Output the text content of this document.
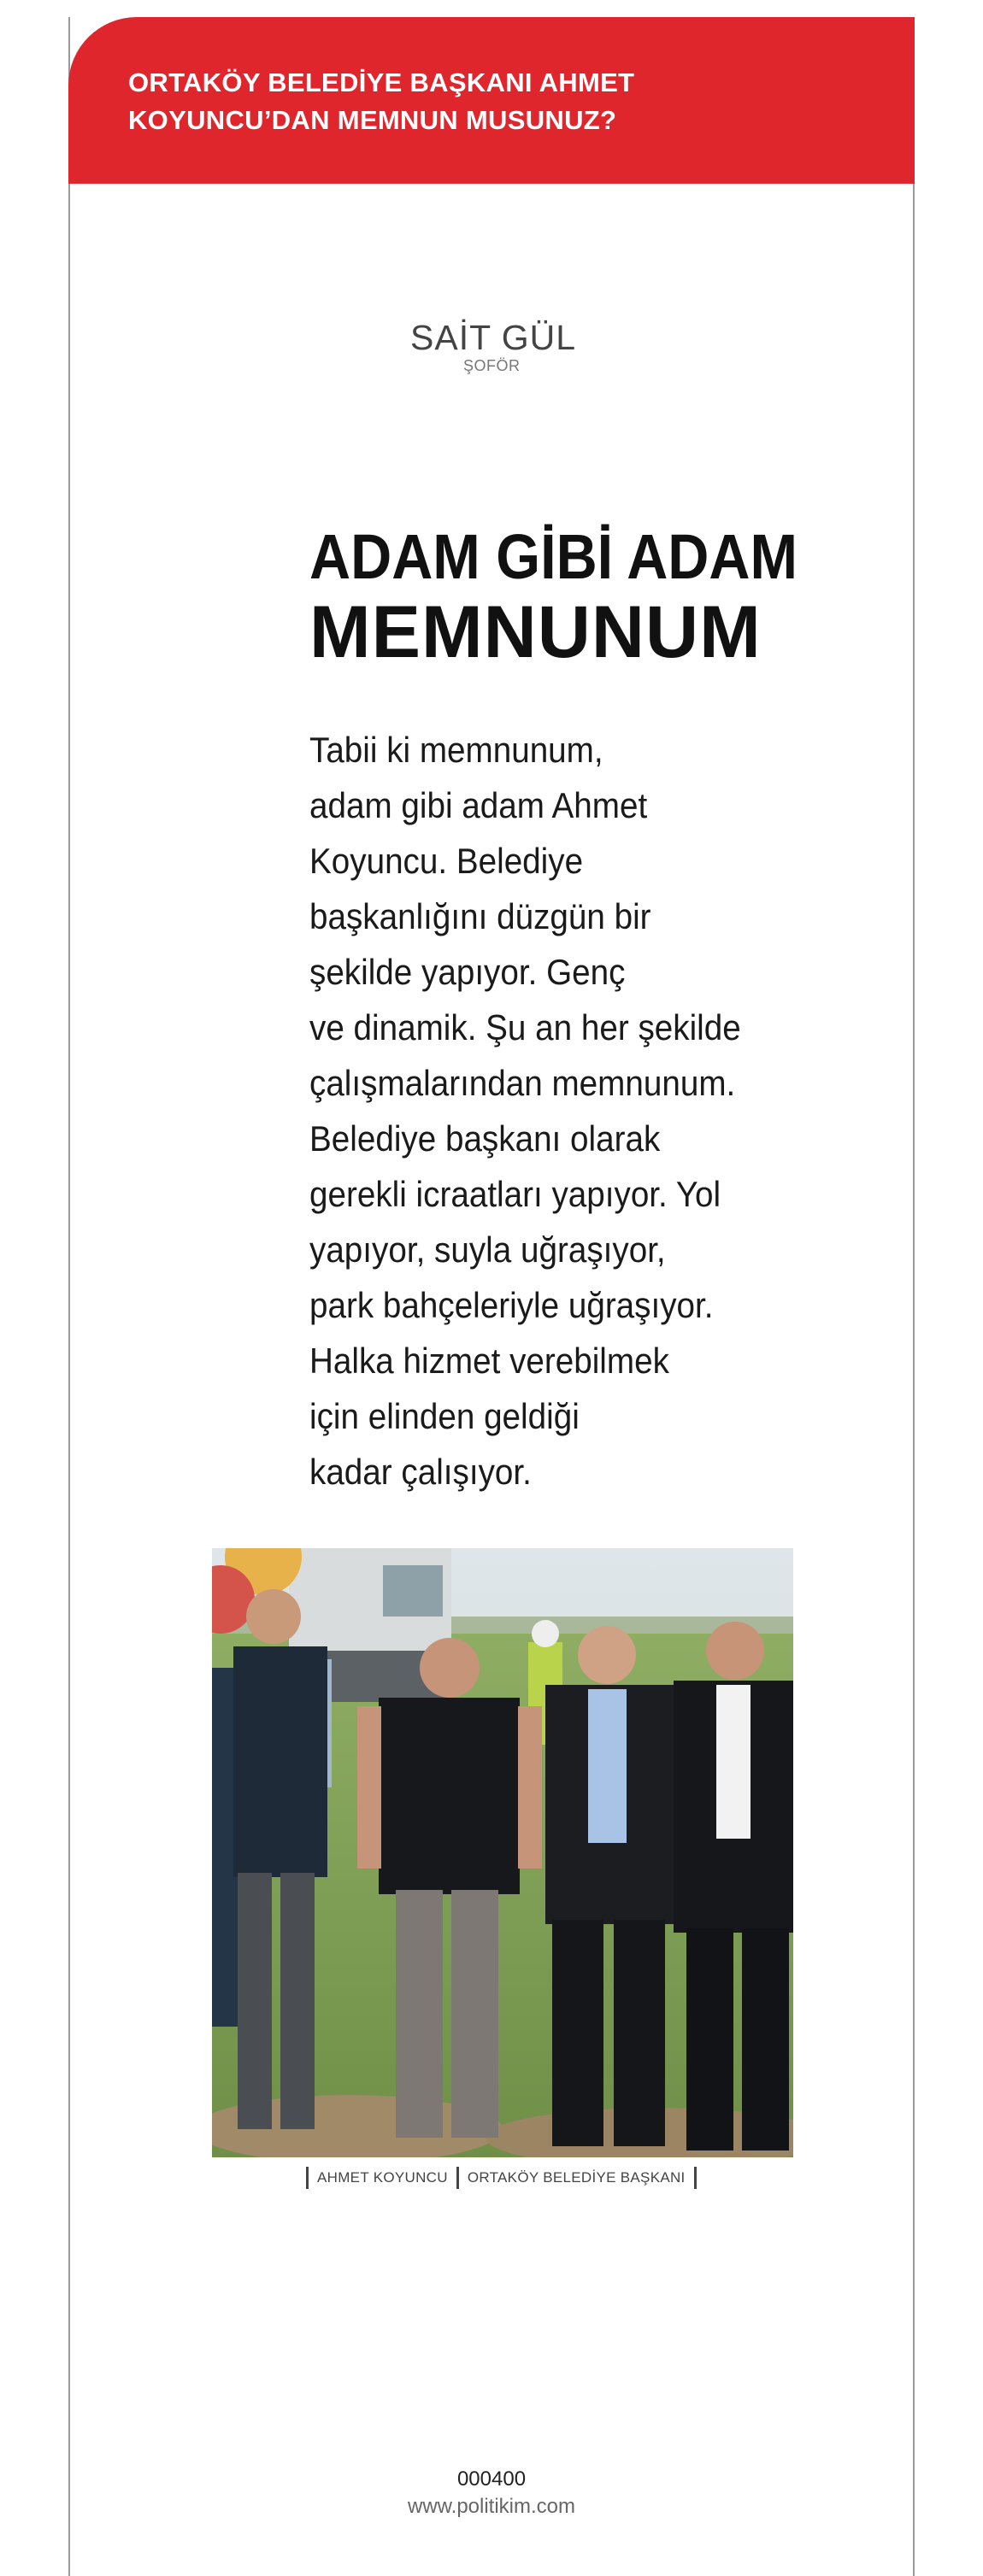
ORTAKÖY BELEDİYE BAŞKANI AHMET
KOYUNCU’DAN MEMNUN MUSUNUZ?
SAİT GÜL
ŞOFÖR
ADAM GİBİ ADAM
MEMNUNUM
Tabii ki memnunum,
adam gibi adam Ahmet
Koyuncu. Belediye
başkanlığını düzgün bir
şekilde yapıyor. Genç
ve dinamik. Şu an her şekilde
çalışmalarından memnunum.
Belediye başkanı olarak
gerekli icraatları yapıyor. Yol
yapıyor, suyla uğraşıyor,
park bahçeleriyle uğraşıyor.
Halka hizmet verebilmek
için elinden geldiği
kadar çalışıyor.
AHMET KOYUNCU	ORTAKÖY BELEDİYE BAŞKANI
000400
www.politikim.com
